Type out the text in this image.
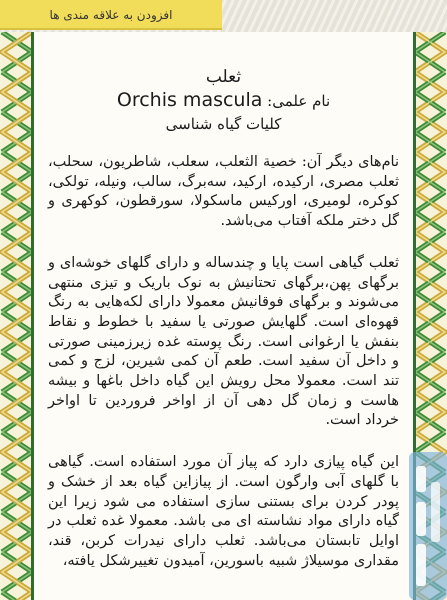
افزودن به علاقه مندی ها

ثعلب

نام علمی: Orchis mascula

کلیات گیاه شناسی

نام‌های دیگر آن: خصیة الثعلب، سعلب، شاطریون، سحلب، ثعلب مصری، ارکیده، ارکید، سه‌برگ، سالب، ونیله، تولکی، کوکره، لومیری، اورکیس ماسکولا، سورقطون، کوکهری و گل دختر ملکه آفتاب می‌باشد.

ثعلب گیاهی است پایا و چندساله و دارای گلهای خوشه‌ای و برگهای پهن،برگهای تحتانیش به نوک باریک و تیزی منتهی می‌شوند و برگهای فوقانیش معمولا دارای لکه‌هایی به رنگ قهوه‌ای است. گلهایش صورتی یا سفید با خطوط و نقاط بنفش یا ارغوانی است. رنگ پوسته غده زیرزمینی صورتی و داخل آن سفید است. طعم آن کمی شیرین، لزج و کمی تند است. معمولا محل رویش این گیاه داخل باغها و بیشه هاست و زمان گل دهی آن از اواخر فروردین تا اواخر خرداد است.

این گیاه پیازی دارد که پیاز آن مورد استفاده است. گیاهی با گلهای آبی وارگون است. از پیازاین گیاه بعد از خشک و پودر کردن برای بستنی سازی استفاده می شود زیرا این گیاه دارای مواد نشاسته ای می باشد. معمولا غده ثعلب در اوایل تابستان می‌باشد. ثعلب دارای نیدرات کربن، قند، مقداری موسیلاژ شبیه باسورین، آمیدون تغییرشکل یافته،
